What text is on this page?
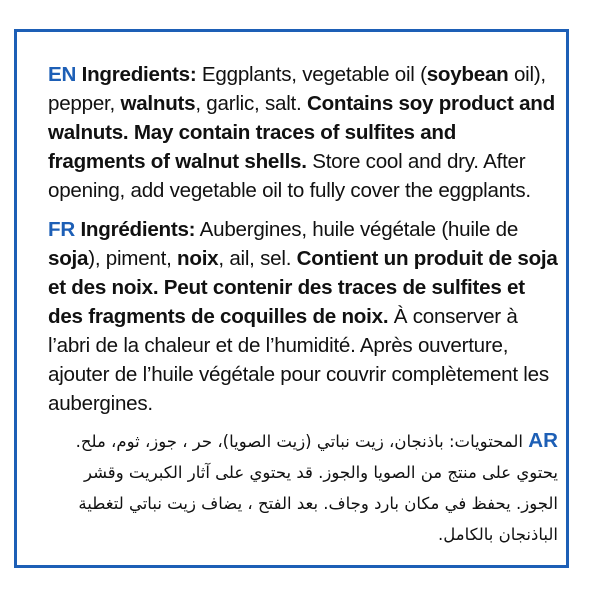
EN Ingredients: Eggplants, vegetable oil (soybean oil), pepper, walnuts, garlic, salt. Contains soy product and walnuts. May contain traces of sulfites and fragments of walnut shells. Store cool and dry. After opening, add vegetable oil to fully cover the eggplants.
FR Ingrédients: Aubergines, huile végétale (huile de soja), piment, noix, ail, sel. Contient un produit de soja et des noix. Peut contenir des traces de sulfites et des fragments de coquilles de noix. À conserver à l’abri de la chaleur et de l’humidité. Après ouverture, ajouter de l’huile végétale pour couvrir complètement les aubergines.
AR المحتويات: باذنجان، زيت نباتي (زيت الصويا)، حر ، جوز، ثوم، ملح. يحتوي على منتج من الصويا والجوز. قد يحتوي على آثار الكبريت وقشر الجوز. يحفظ في مكان بارد وجاف. بعد الفتح ، يضاف زيت نباتي لتغطية الباذنجان بالكامل.
